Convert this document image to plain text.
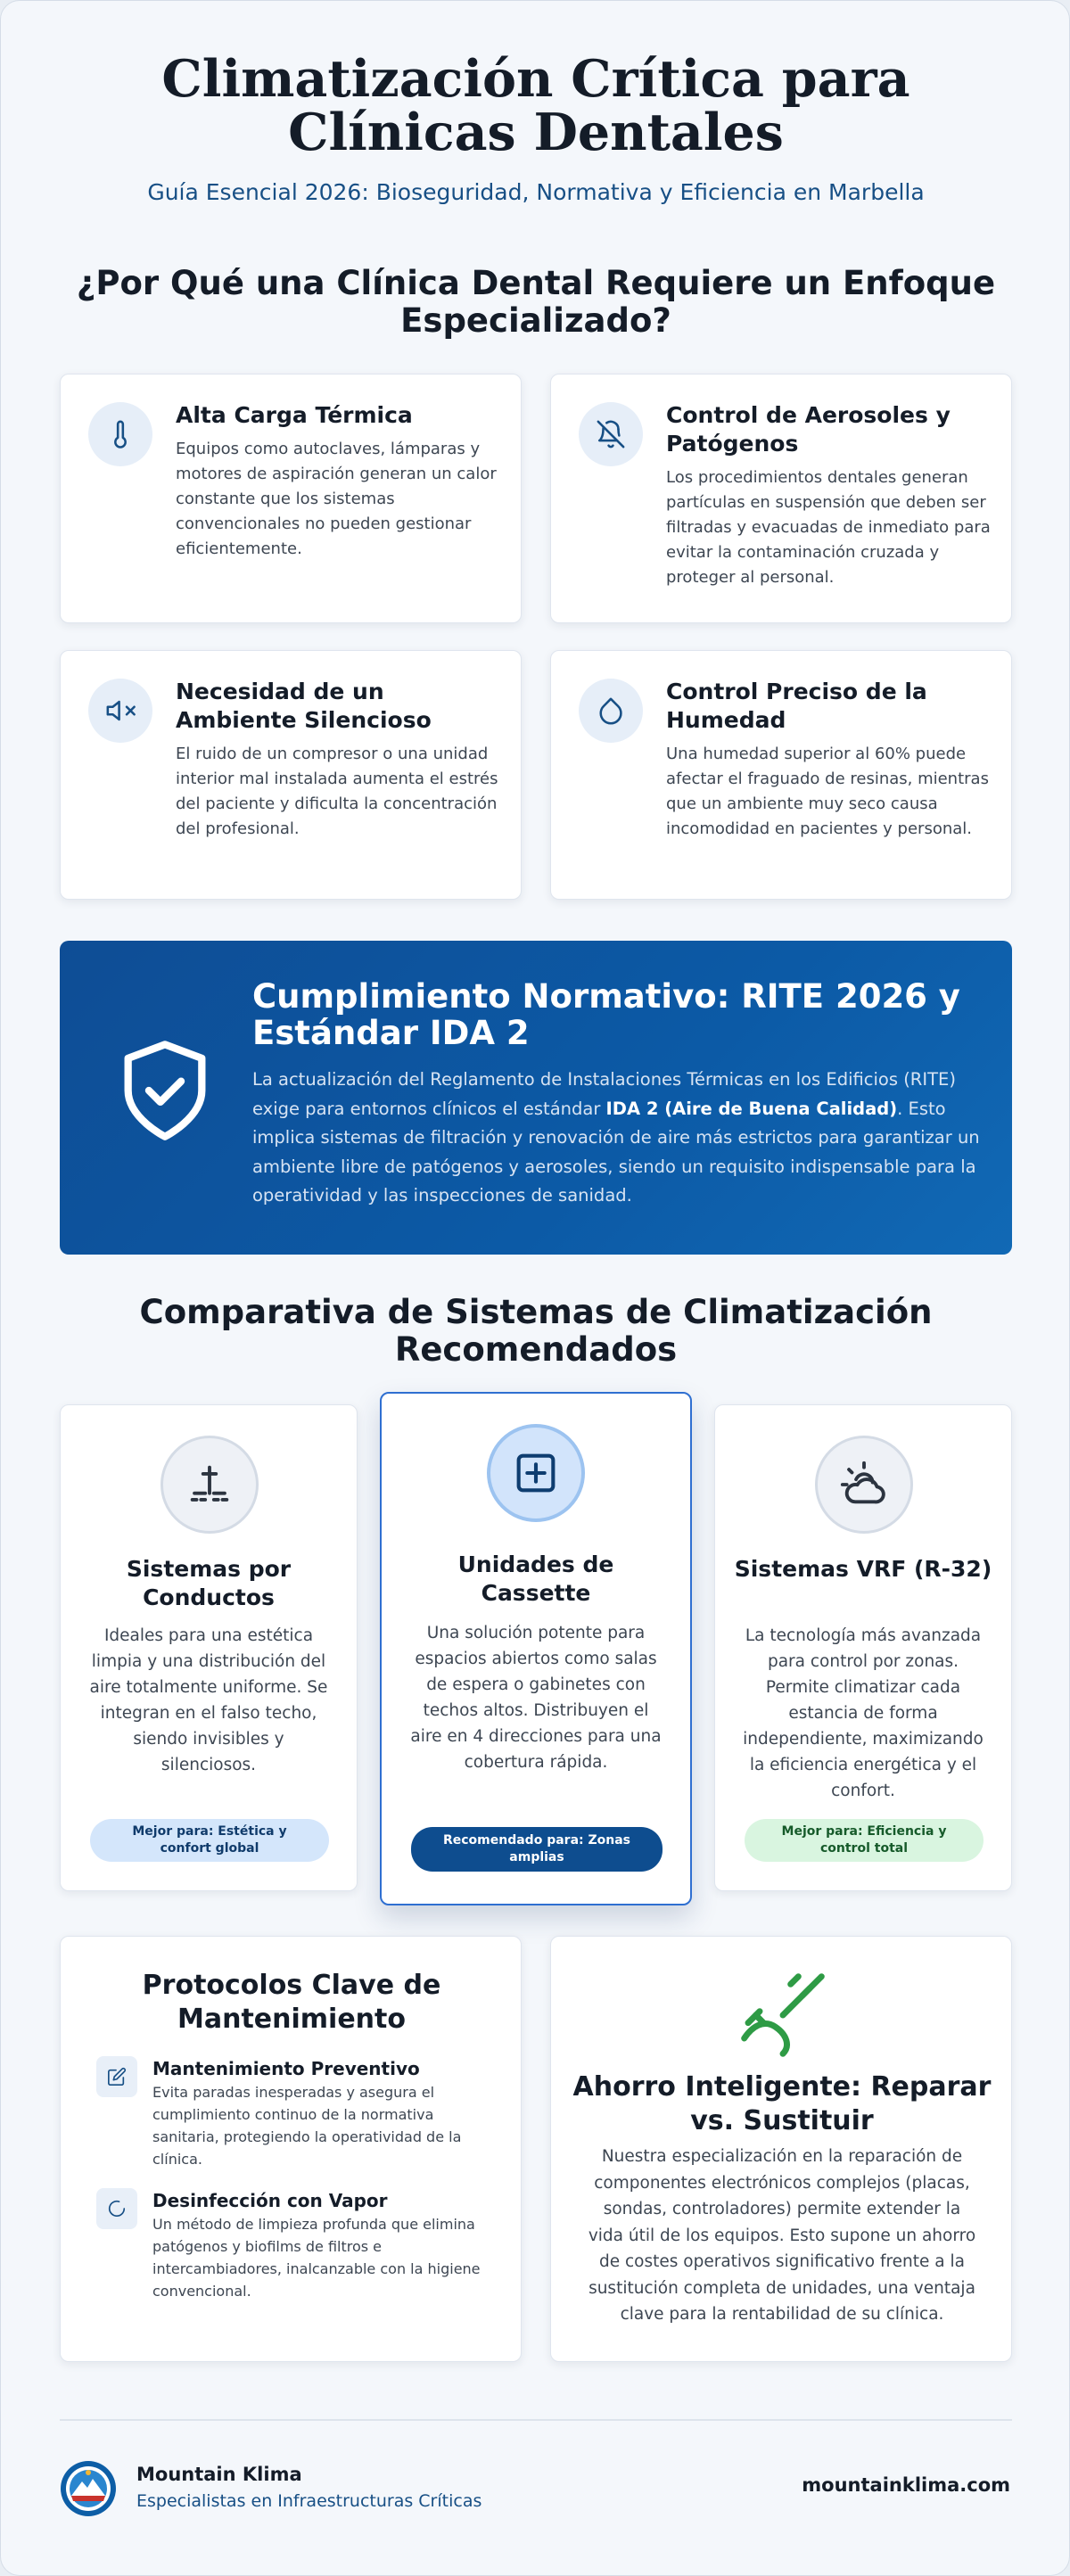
Climatización Crítica para
Clínicas Dentales
Guía Esencial 2026: Bioseguridad, Normativa y Eficiencia en Marbella
¿Por Qué una Clínica Dental Requiere un Enfoque
Especializado?
Alta Carga Térmica

Equipos como autoclaves, lámparas y motores de aspiración generan un calor constante que los sistemas convencionales no pueden gestionar eficientemente.

Control de Aerosoles y Patógenos

Los procedimientos dentales generan partículas en suspensión que deben ser filtradas y evacuadas de inmediato para evitar la contaminación cruzada y proteger al personal.

Necesidad de un Ambiente Silencioso

El ruido de un compresor o una unidad interior mal instalada aumenta el estrés del paciente y dificulta la concentración del profesional.

Control Preciso de la Humedad

Una humedad superior al 60% puede afectar el fraguado de resinas, mientras que un ambiente muy seco causa incomodidad en pacientes y personal.

Cumplimiento Normativo: RITE 2026 y Estándar IDA 2

La actualización del Reglamento de Instalaciones Térmicas en los Edificios (RITE) exige para entornos clínicos el estándar IDA 2 (Aire de Buena Calidad). Esto implica sistemas de filtración y renovación de aire más estrictos para garantizar un ambiente libre de patógenos y aerosoles, siendo un requisito indispensable para la operatividad y las inspecciones de sanidad.

Comparativa de Sistemas de Climatización
Recomendados
Sistemas por Conductos

Ideales para una estética limpia y una distribución del aire totalmente uniforme. Se integran en el falso techo, siendo invisibles y silenciosos.

Mejor para: Estética y confort global
Unidades de Cassette

Una solución potente para espacios abiertos como salas de espera o gabinetes con techos altos. Distribuyen el aire en 4 direcciones para una cobertura rápida.

Recomendado para: Zonas amplias
Sistemas VRF (R-32)

La tecnología más avanzada para control por zonas. Permite climatizar cada estancia de forma independiente, maximizando la eficiencia energética y el confort.

Mejor para: Eficiencia y control total
Protocolos Clave de Mantenimiento
Mantenimiento Preventivo

Evita paradas inesperadas y asegura el cumplimiento continuo de la normativa sanitaria, protegiendo la operatividad de la clínica.

Desinfección con Vapor

Un método de limpieza profunda que elimina patógenos y biofilms de filtros e intercambiadores, inalcanzable con la higiene convencional.

Ahorro Inteligente: Reparar vs. Sustituir

Nuestra especialización en la reparación de componentes electrónicos complejos (placas, sondas, controladores) permite extender la vida útil de los equipos. Esto supone un ahorro de costes operativos significativo frente a la sustitución completa de unidades, una ventaja clave para la rentabilidad de su clínica.

Mountain Klima
Especialistas en Infraestructuras Críticas
mountainklima.com
